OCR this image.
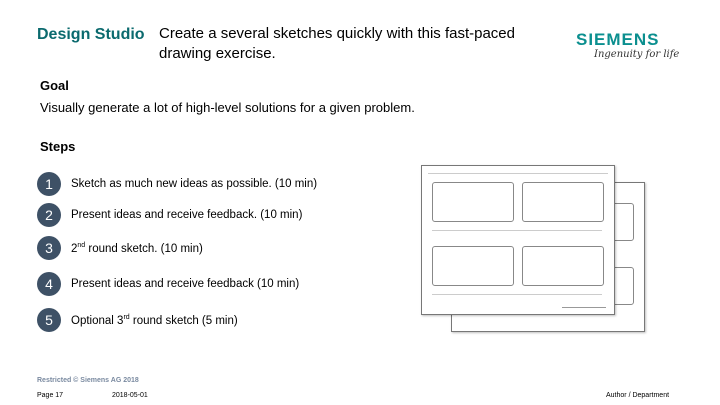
Design Studio Create a several sketches quickly with this fast-paced drawing exercise.
SIEMENS
Ingenuity for life
Goal
Visually generate a lot of high-level solutions for a given problem.
Steps
1	Sketch as much new ideas as possible. (10 min)
2	Present ideas and receive feedback. (10 min)
3	2nd round sketch. (10 min)
4	Present ideas and receive feedback (10 min)
5	Optional 3rd round sketch (5 min)
Restricted © Siemens AG 2018
Page 17	2018-05-01	Author / Department
